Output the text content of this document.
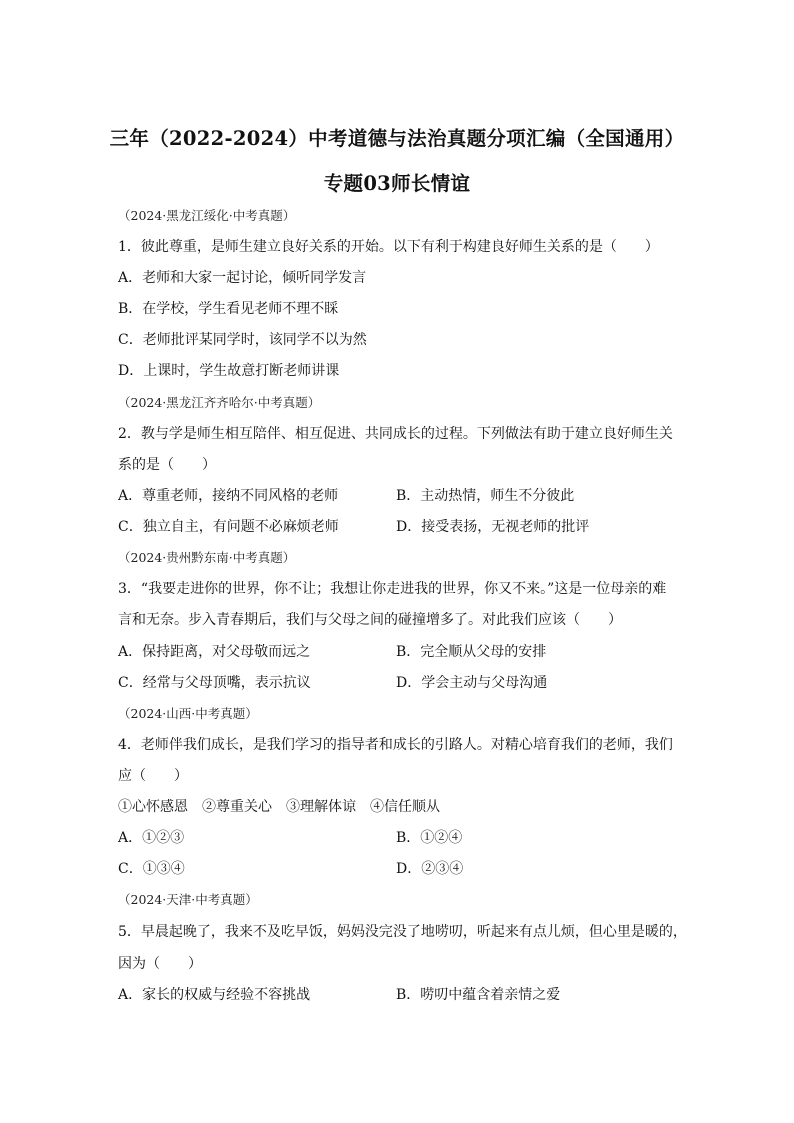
三年（2022-2024）中考道德与法治真题分项汇编（全国通用）
专题03师长情谊
（2024·黑龙江绥化·中考真题）
1．彼此尊重，是师生建立良好关系的开始。以下有利于构建良好师生关系的是（　　）
A．老师和大家一起讨论，倾听同学发言
B．在学校，学生看见老师不理不睬
C．老师批评某同学时，该同学不以为然
D．上课时，学生故意打断老师讲课
（2024·黑龙江齐齐哈尔·中考真题）
2．教与学是师生相互陪伴、相互促进、共同成长的过程。下列做法有助于建立良好师生关
系的是（　　）
A．尊重老师，接纳不同风格的老师	B．主动热情，师生不分彼此
C．独立自主，有问题不必麻烦老师	D．接受表扬，无视老师的批评
（2024·贵州黔东南·中考真题）
3．“我要走进你的世界，你不让；我想让你走进我的世界，你又不来。”这是一位母亲的难
言和无奈。步入青春期后，我们与父母之间的碰撞增多了。对此我们应该（　　）
A．保持距离，对父母敬而远之	B．完全顺从父母的安排
C．经常与父母顶嘴，表示抗议	D．学会主动与父母沟通
（2024·山西·中考真题）
4．老师伴我们成长，是我们学习的指导者和成长的引路人。对精心培育我们的老师，我们
应（　　）
①心怀感恩　②尊重关心　③理解体谅　④信任顺从
A．①②③	B．①②④
C．①③④	D．②③④
（2024·天津·中考真题）
5．早晨起晚了，我来不及吃早饭，妈妈没完没了地唠叨，听起来有点儿烦，但心里是暖的，
因为（　　）
A．家长的权威与经验不容挑战	B．唠叨中蕴含着亲情之爱
